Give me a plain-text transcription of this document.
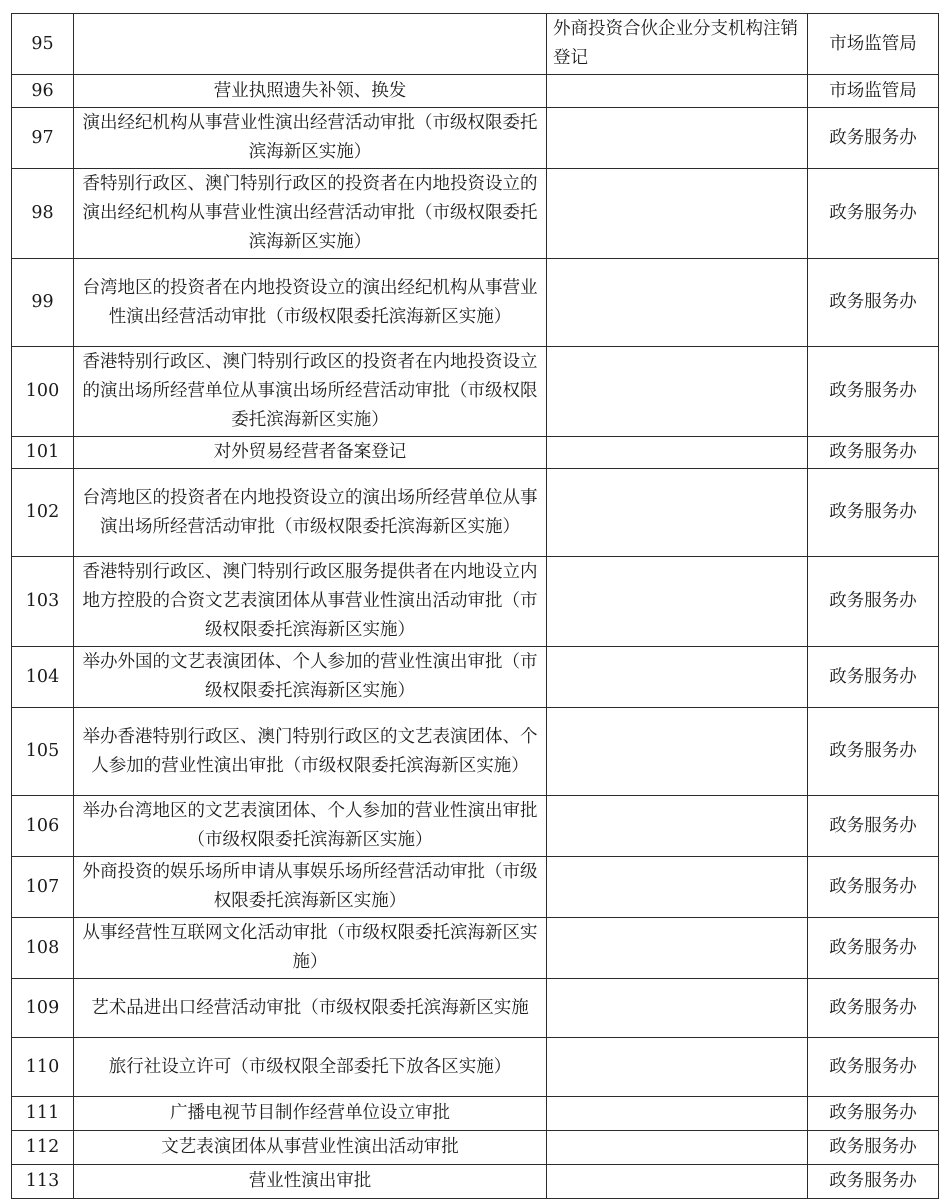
95		外商投资合伙企业分支机构注销登记	市场监管局
96	营业执照遗失补领、换发		市场监管局
97	演出经纪机构从事营业性演出经营活动审批（市级权限委托滨海新区实施）		政务服务办
98	香特别行政区、澳门特别行政区的投资者在内地投资设立的演出经纪机构从事营业性演出经营活动审批（市级权限委托滨海新区实施）		政务服务办
99	台湾地区的投资者在内地投资设立的演出经纪机构从事营业性演出经营活动审批（市级权限委托滨海新区实施）		政务服务办
100	香港特别行政区、澳门特别行政区的投资者在内地投资设立的演出场所经营单位从事演出场所经营活动审批（市级权限委托滨海新区实施）		政务服务办
101	对外贸易经营者备案登记		政务服务办
102	台湾地区的投资者在内地投资设立的演出场所经营单位从事演出场所经营活动审批（市级权限委托滨海新区实施）		政务服务办
103	香港特别行政区、澳门特别行政区服务提供者在内地设立内地方控股的合资文艺表演团体从事营业性演出活动审批（市级权限委托滨海新区实施）		政务服务办
104	举办外国的文艺表演团体、个人参加的营业性演出审批（市级权限委托滨海新区实施）		政务服务办
105	举办香港特别行政区、澳门特别行政区的文艺表演团体、个人参加的营业性演出审批（市级权限委托滨海新区实施）		政务服务办
106	举办台湾地区的文艺表演团体、个人参加的营业性演出审批（市级权限委托滨海新区实施）		政务服务办
107	外商投资的娱乐场所申请从事娱乐场所经营活动审批（市级权限委托滨海新区实施）		政务服务办
108	从事经营性互联网文化活动审批（市级权限委托滨海新区实施）		政务服务办
109	艺术品进出口经营活动审批（市级权限委托滨海新区实施		政务服务办
110	旅行社设立许可（市级权限全部委托下放各区实施）		政务服务办
111	广播电视节目制作经营单位设立审批		政务服务办
112	文艺表演团体从事营业性演出活动审批		政务服务办
113	营业性演出审批		政务服务办
